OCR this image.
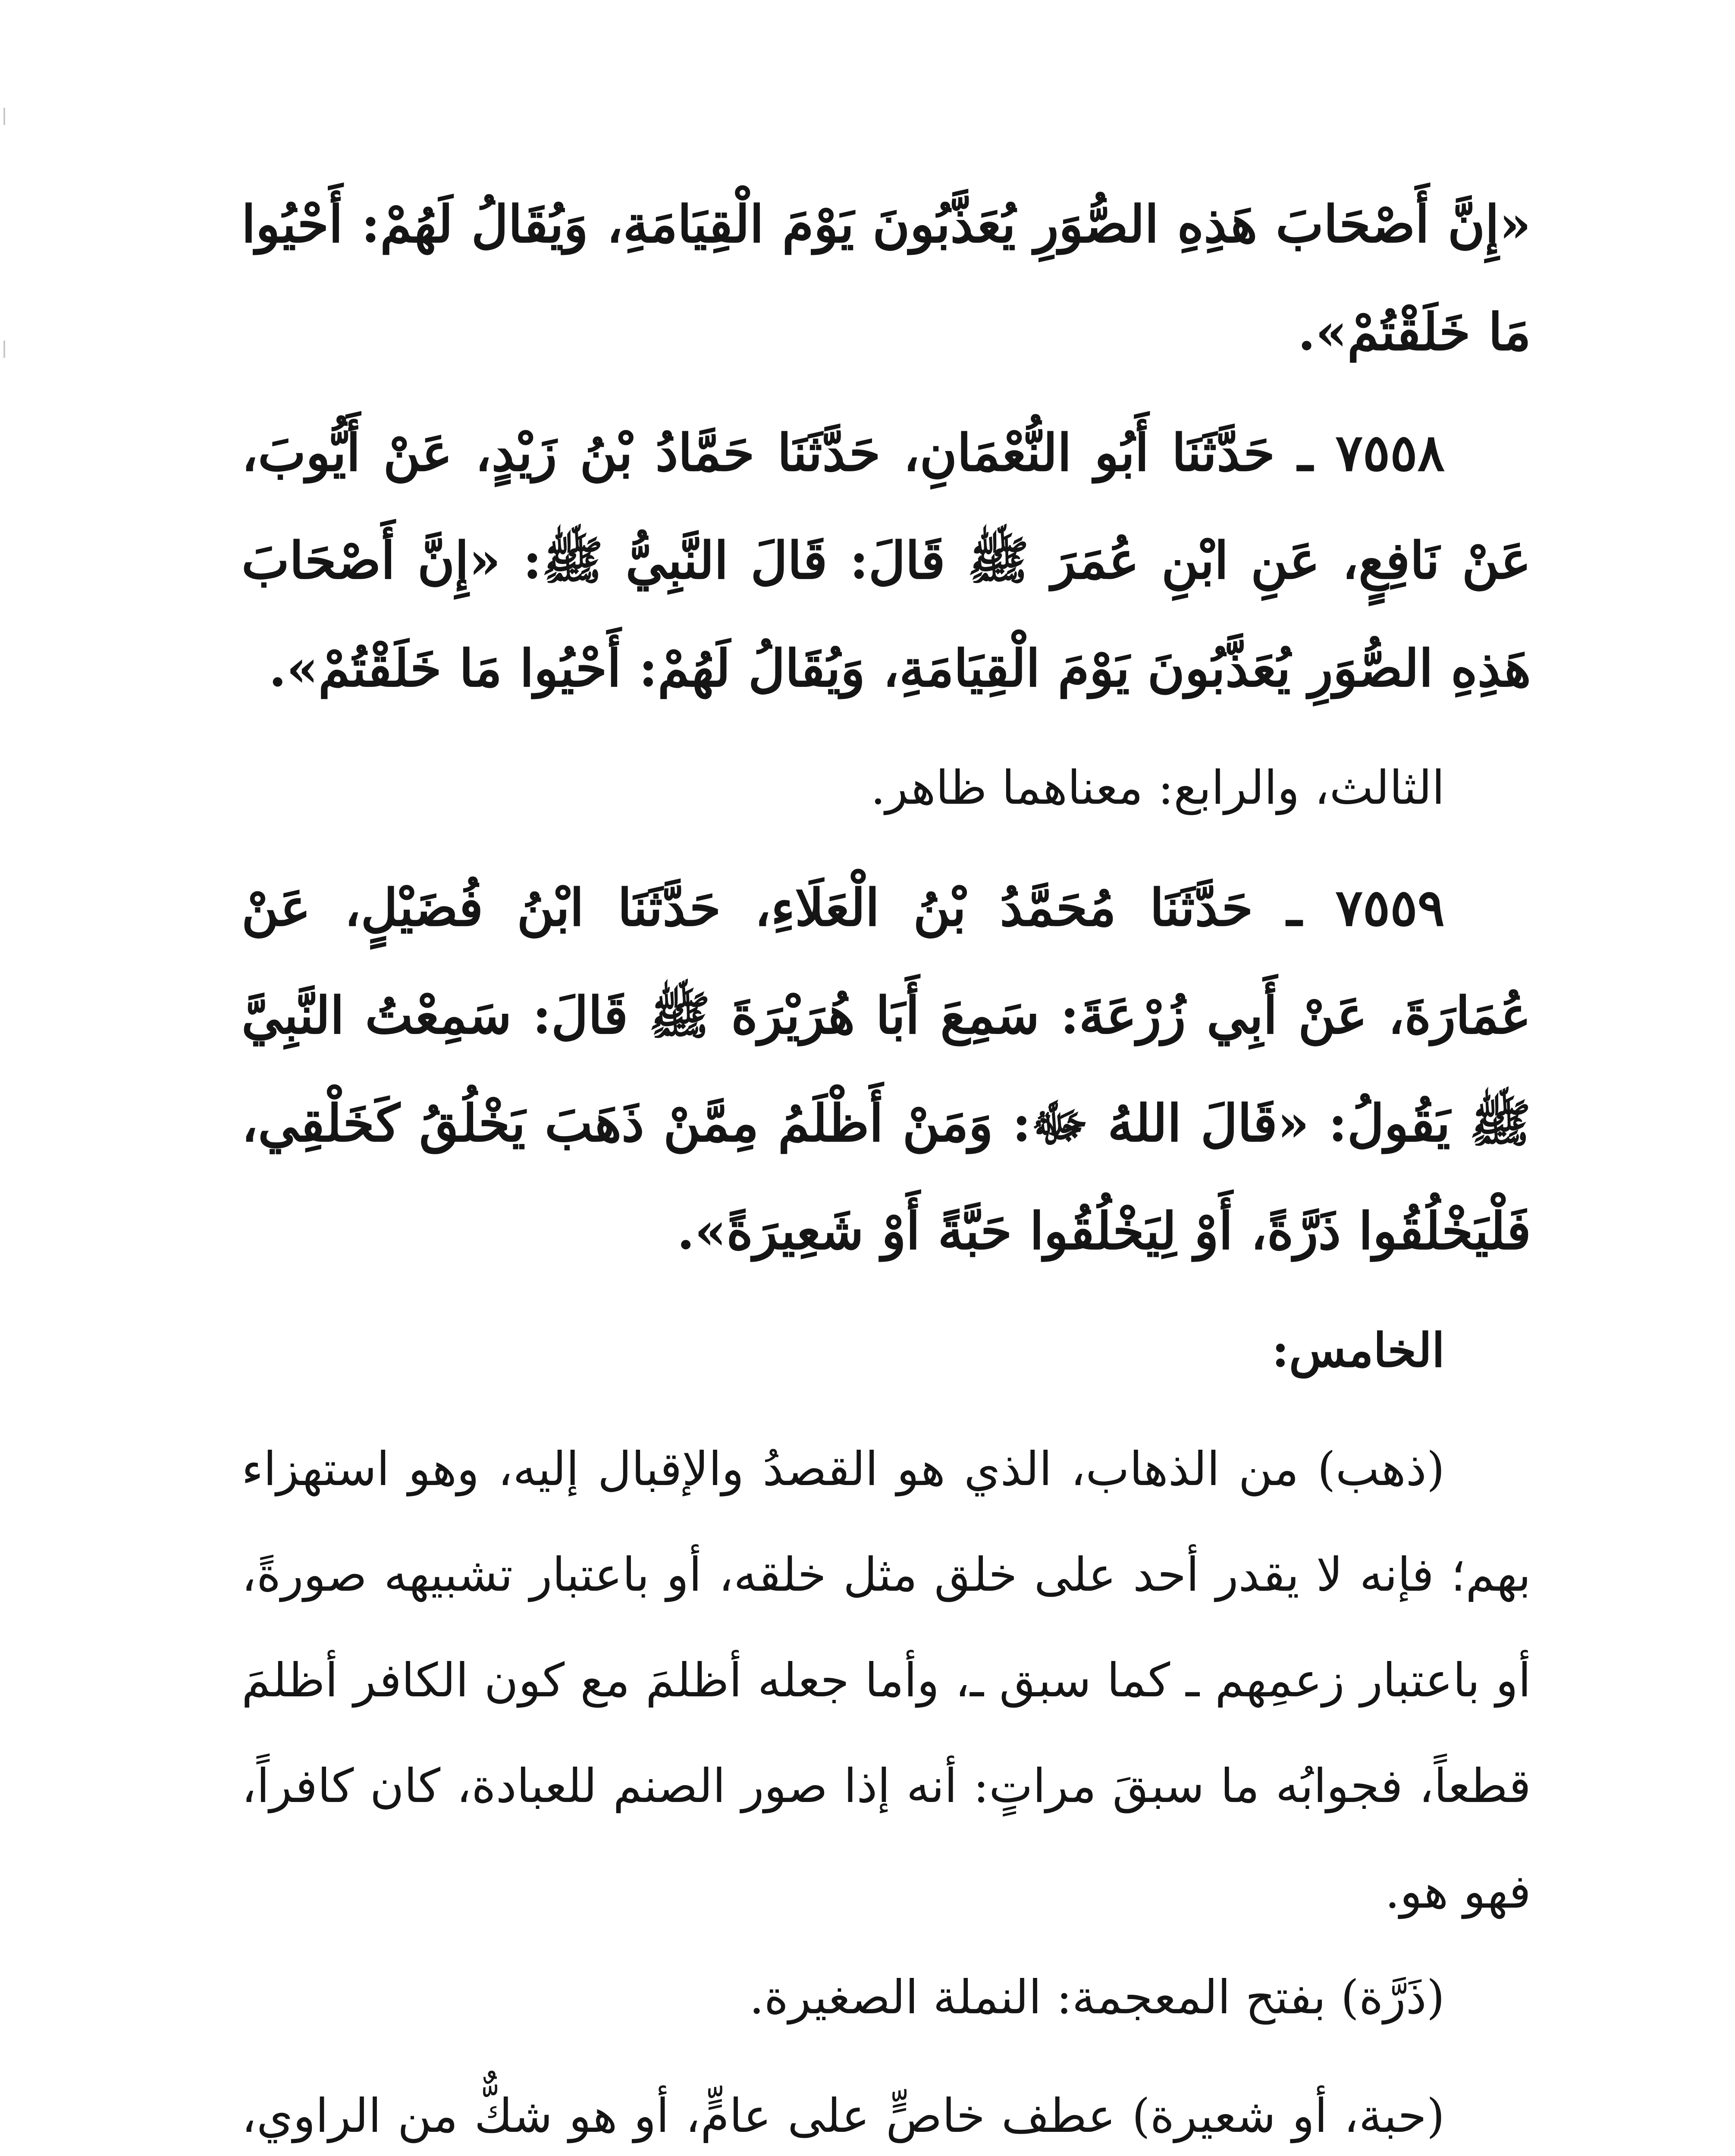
«إِنَّ أَصْحَابَ هَذِهِ الصُّوَرِ يُعَذَّبُونَ يَوْمَ الْقِيَامَةِ، وَيُقَالُ لَهُمْ: أَحْيُوا مَا خَلَقْتُمْ».

٧٥٥٨ ـ حَدَّثَنَا أَبُو النُّعْمَانِ، حَدَّثَنَا حَمَّادُ بْنُ زَيْدٍ، عَنْ أَيُّوبَ، عَنْ نَافِعٍ، عَنِ ابْنِ عُمَرَ ﷺ قَالَ: قَالَ النَّبِيُّ ﷺ: «إِنَّ أَصْحَابَ هَذِهِ الصُّوَرِ يُعَذَّبُونَ يَوْمَ الْقِيَامَةِ، وَيُقَالُ لَهُمْ: أَحْيُوا مَا خَلَقْتُمْ».

الثالث، والرابع: معناهما ظاهر.

٧٥٥٩ ـ حَدَّثَنَا مُحَمَّدُ بْنُ الْعَلَاءِ، حَدَّثَنَا ابْنُ فُضَيْلٍ، عَنْ عُمَارَةَ، عَنْ أَبِي زُرْعَةَ: سَمِعَ أَبَا هُرَيْرَةَ ﷺ قَالَ: سَمِعْتُ النَّبِيَّ ﷺ يَقُولُ: «قَالَ اللهُ ﷻ: وَمَنْ أَظْلَمُ مِمَّنْ ذَهَبَ يَخْلُقُ كَخَلْقِي، فَلْيَخْلُقُوا ذَرَّةً، أَوْ لِيَخْلُقُوا حَبَّةً أَوْ شَعِيرَةً».

الخامس:

(ذهب) من الذهاب، الذي هو القصدُ والإقبال إليه، وهو استهزاء بهم؛ فإنه لا يقدر أحد على خلق مثل خلقه، أو باعتبار تشبيهه صورةً، أو باعتبار زعمِهم ـ كما سبق ـ، وأما جعله أظلمَ مع كون الكافر أظلمَ قطعاً، فجوابُه ما سبقَ مراتٍ: أنه إذا صور الصنم للعبادة، كان كافراً، فهو هو.

(ذَرَّة) بفتح المعجمة: النملة الصغيرة.

(حبة، أو شعيرة) عطف خاصٍّ على عامٍّ، أو هو شكٌّ من الراوي،
